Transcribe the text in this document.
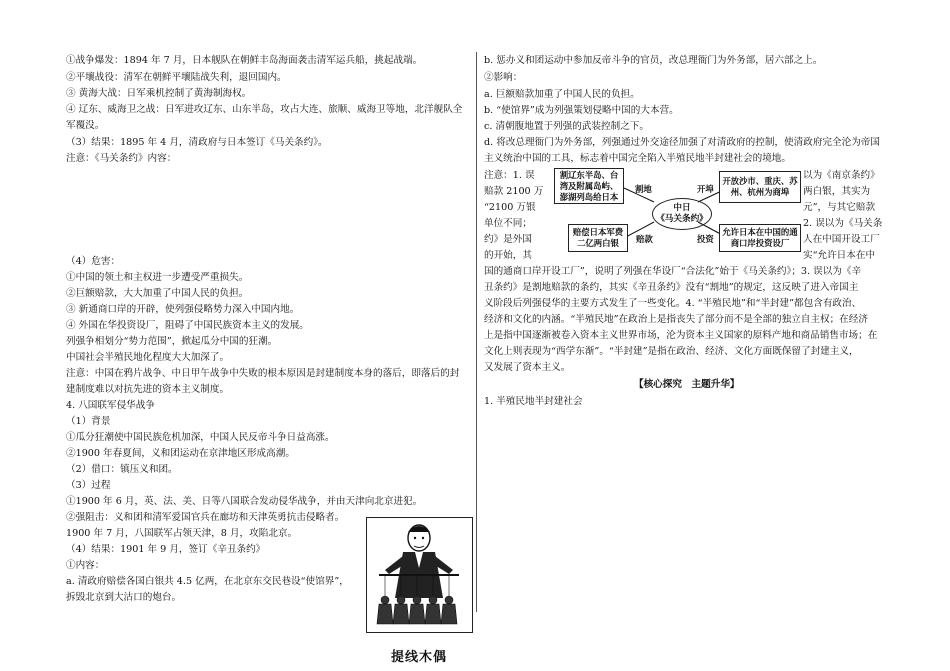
①战争爆发：1894 年 7 月，日本舰队在朝鲜丰岛海面袭击清军运兵船，挑起战端。
②平壤战役：清军在朝鲜平壤陆战失利，退回国内。
③ 黄海大战：日军乘机控制了黄海制海权。
④ 辽东、威海卫之战：日军进攻辽东、山东半岛，攻占大连、旅顺、威海卫等地，北洋舰队全
军覆没。
（3）结果：1895 年 4 月，清政府与日本签订《马关条约》。
注意：《马关条约》内容：
（4）危害：
①中国的领土和主权进一步遭受严重损失。
②巨额赔款，大大加重了中国人民的负担。
③ 新通商口岸的开辟，使列强侵略势力深入中国内地。
④ 外国在华投资设厂，阻碍了中国民族资本主义的发展。
列强争相划分“势力范围”，掀起瓜分中国的狂潮。
中国社会半殖民地化程度大大加深了。
注意：中国在鸦片战争、中日甲午战争中失败的根本原因是封建制度本身的落后，即落后的封
建制度难以对抗先进的资本主义制度。
4. 八国联军侵华战争
（1）背景
①瓜分狂潮使中国民族危机加深，中国人民反帝斗争日益高涨。
②1900 年春夏间，义和团运动在京津地区形成高潮。
（2）借口：镇压义和团。
（3）过程
①1900 年 6 月，英、法、美、日等八国联合发动侵华战争，并由天津向北京进犯。
②强阻击：义和团和清军爱国官兵在廊坊和天津英勇抗击侵略者。
1900 年 7 月，八国联军占领天津，8 月，攻陷北京。
（4）结果：1901 年 9 月，签订《辛丑条约》
①内容：
a. 清政府赔偿各国白银共 4.5 亿两，在北京东交民巷设“使馆界”，
拆毁北京到大沽口的炮台。
提线木偶
b. 惩办义和团运动中参加反帝斗争的官员，改总理衙门为外务部，居六部之上。
②影响：
a. 巨额赔款加重了中国人民的负担。
b. “使馆界”成为列强策划侵略中国的大本营。
c. 清朝腹地置于列强的武装控制之下。
d. 将改总理衙门为外务部，列强通过外交途径加强了对清政府的控制，使清政府完全沦为帝国
主义统治中国的工具，标志着中国完全陷入半殖民地半封建社会的境地。
注意：1. 误
赔款 2100 万
“2100 万银
单位不同；
约》是外国
的开始，其
以为《南京条约》
两白银，其实为
元”，与其它赔款
2. 误以为《马关条
人在中国开设工厂
实“允许日本在中
割辽东半岛、台湾及附属岛屿、澎湖列岛给日本
割地
开放沙市、重庆、苏州、杭州为商埠
开埠
中日
《马关条约》
赔偿日本军费二亿两白银	赔款
允许日本在中国的通商口岸投资设厂
投资
国的通商口岸开设工厂”，说明了列强在华设厂“合法化”始于《马关条约》；3. 误以为《辛
丑条约》是割地赔款的条约，其实《辛丑条约》没有“割地”的规定，这反映了进入帝国主
义阶段后列强侵华的主要方式发生了一些变化。4. “半殖民地”和“半封建”都包含有政治、
经济和文化的内涵。“半殖民地”在政治上是指丧失了部分而不是全部的独立自主权；在经济
上是指中国逐渐被卷入资本主义世界市场，沦为资本主义国家的原料产地和商品销售市场；在
文化上则表现为“西学东渐”。“半封建”是指在政治、经济、文化方面既保留了封建主义，
又发展了资本主义。
【核心探究　主题升华】
1. 半殖民地半封建社会
